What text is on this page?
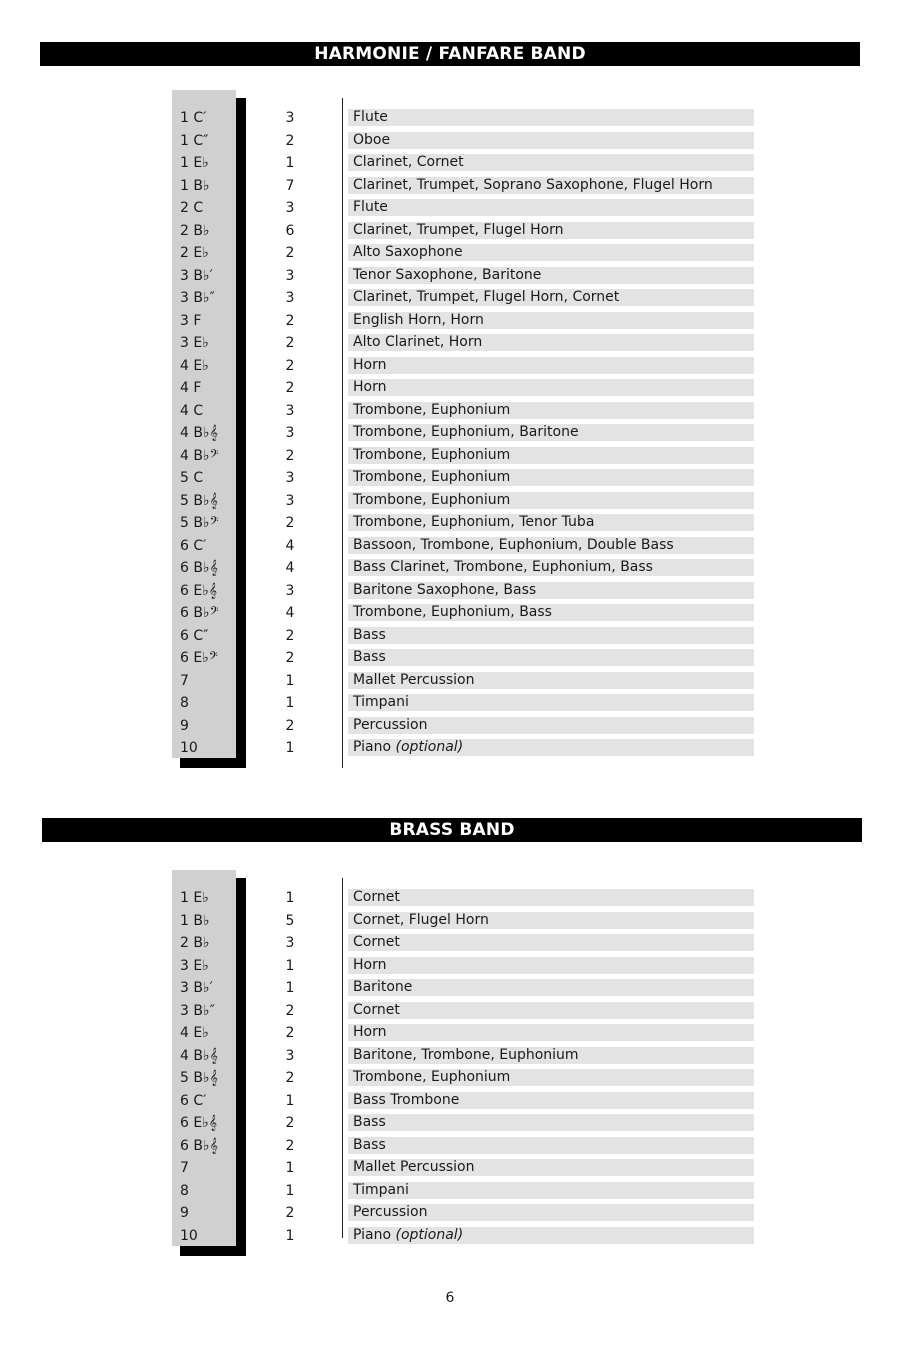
HARMONIE / FANFARE BAND
1 C′	3	Flute
1 C″	2	Oboe
1 E♭	1	Clarinet, Cornet
1 B♭	7	Clarinet, Trumpet, Soprano Saxophone, Flugel Horn
2 C	3	Flute
2 B♭	6	Clarinet, Trumpet, Flugel Horn
2 E♭	2	Alto Saxophone
3 B♭′	3	Tenor Saxophone, Baritone
3 B♭″	3	Clarinet, Trumpet, Flugel Horn, Cornet
3 F	2	English Horn, Horn
3 E♭	2	Alto Clarinet, Horn
4 E♭	2	Horn
4 F	2	Horn
4 C	3	Trombone, Euphonium
4 B♭𝄞	3	Trombone, Euphonium, Baritone
4 B♭𝄢	2	Trombone, Euphonium
5 C	3	Trombone, Euphonium
5 B♭𝄞	3	Trombone, Euphonium
5 B♭𝄢	2	Trombone, Euphonium, Tenor Tuba
6 C′	4	Bassoon, Trombone, Euphonium, Double Bass
6 B♭𝄞	4	Bass Clarinet, Trombone, Euphonium, Bass
6 E♭𝄞	3	Baritone Saxophone, Bass
6 B♭𝄢	4	Trombone, Euphonium, Bass
6 C″	2	Bass
6 E♭𝄢	2	Bass
7	1	Mallet Percussion
8	1	Timpani
9	2	Percussion
10	1	Piano (optional)
BRASS BAND
1 E♭	1	Cornet
1 B♭	5	Cornet, Flugel Horn
2 B♭	3	Cornet
3 E♭	1	Horn
3 B♭′	1	Baritone
3 B♭″	2	Cornet
4 E♭	2	Horn
4 B♭𝄞	3	Baritone, Trombone, Euphonium
5 B♭𝄞	2	Trombone, Euphonium
6 C′	1	Bass Trombone
6 E♭𝄞	2	Bass
6 B♭𝄞	2	Bass
7	1	Mallet Percussion
8	1	Timpani
9	2	Percussion
10	1	Piano (optional)
6
